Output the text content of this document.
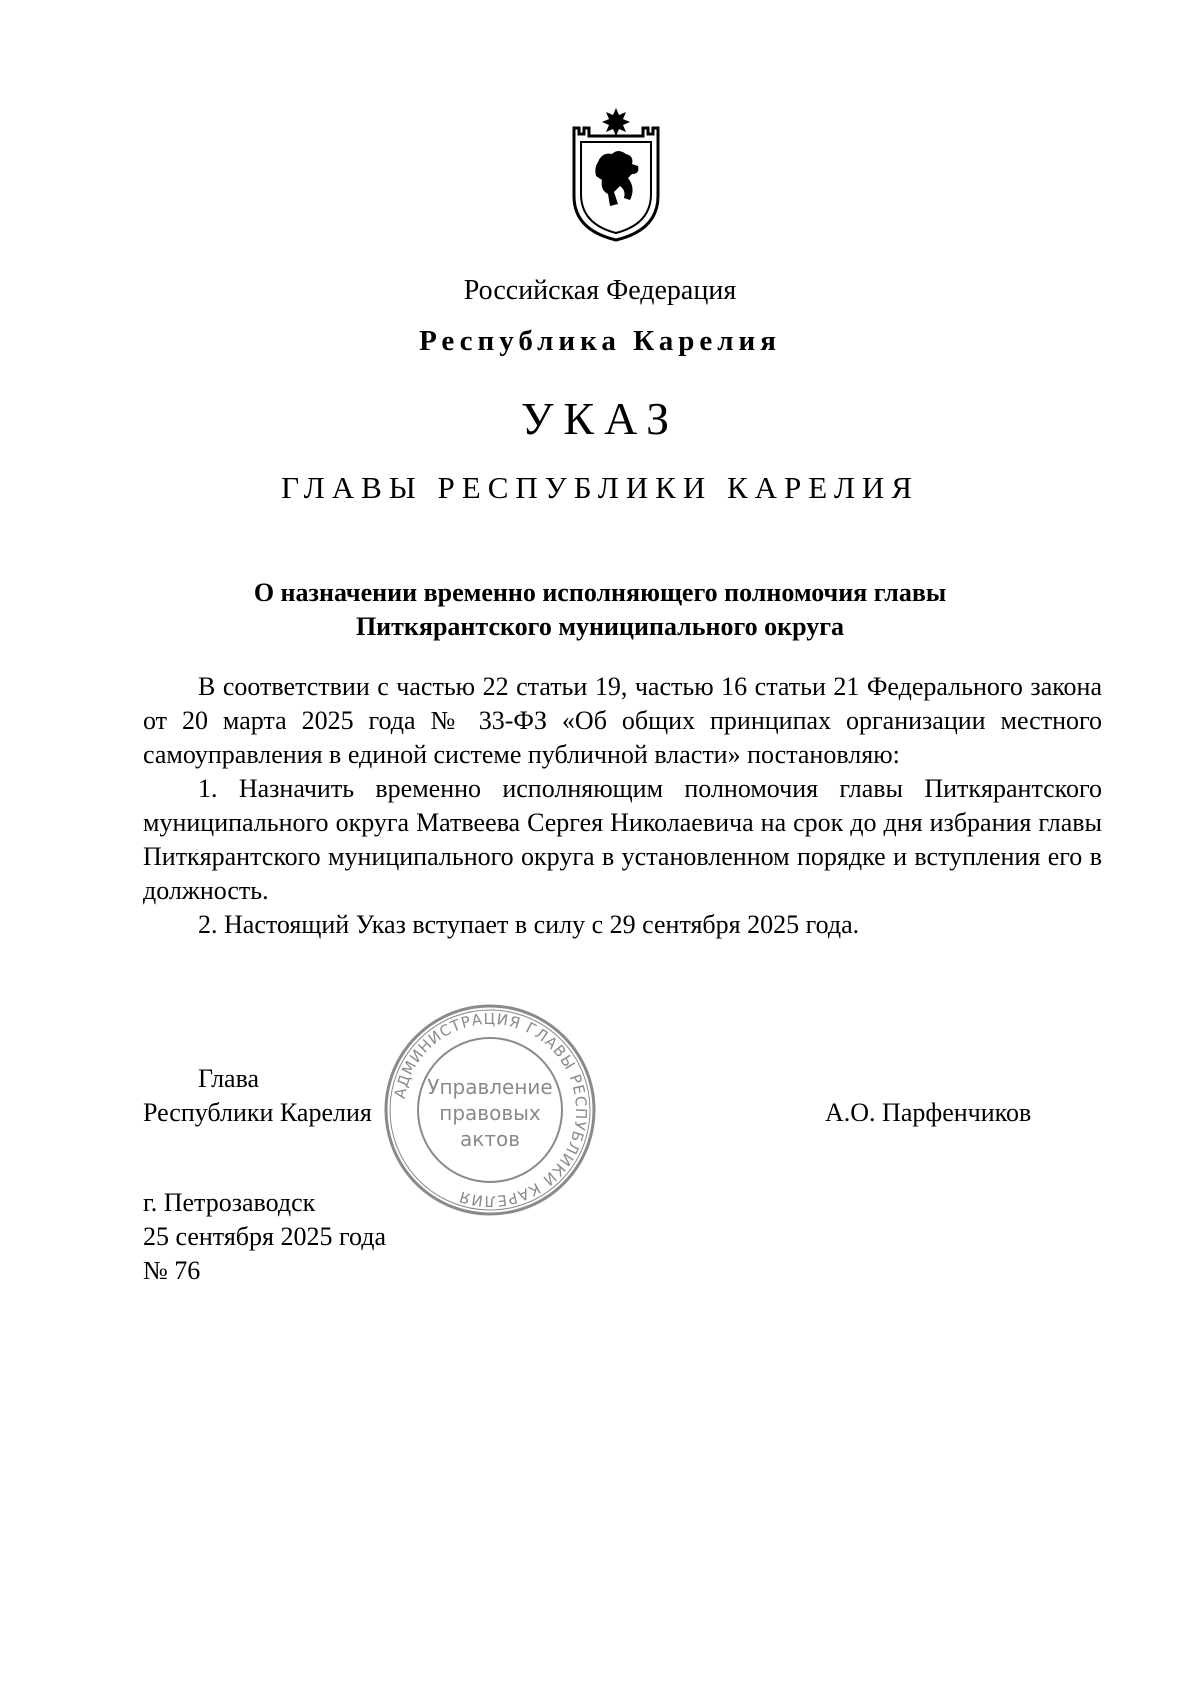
Российская Федерация
Республика Карелия
УКАЗ
ГЛАВЫ РЕСПУБЛИКИ КАРЕЛИЯ
О назначении временно исполняющего полномочия главы
Питкярантского муниципального округа

В соответствии с частью 22 статьи 19, частью 16 статьи 21 Федерального закона от 20 марта 2025 года № 33-ФЗ «Об общих принципах организации местного самоуправления в единой системе публичной власти» постановляю:

1. Назначить временно исполняющим полномочия главы Питкярантского муниципального округа Матвеева Сергея Николаевича на срок до дня избрания главы Питкярантского муниципального округа в установленном порядке и вступления его в должность.

2. Настоящий Указ вступает в силу с 29 сентября 2025 года.

Глава
Республики Карелия	А.О. Парфенчиков
АДМИНИСТРАЦИЯ ГЛАВЫ РЕСПУБЛИКИ КАРЕЛИЯ
Управление
правовых
актов
г. Петрозаводск
25 сентября 2025 года
№ 76
